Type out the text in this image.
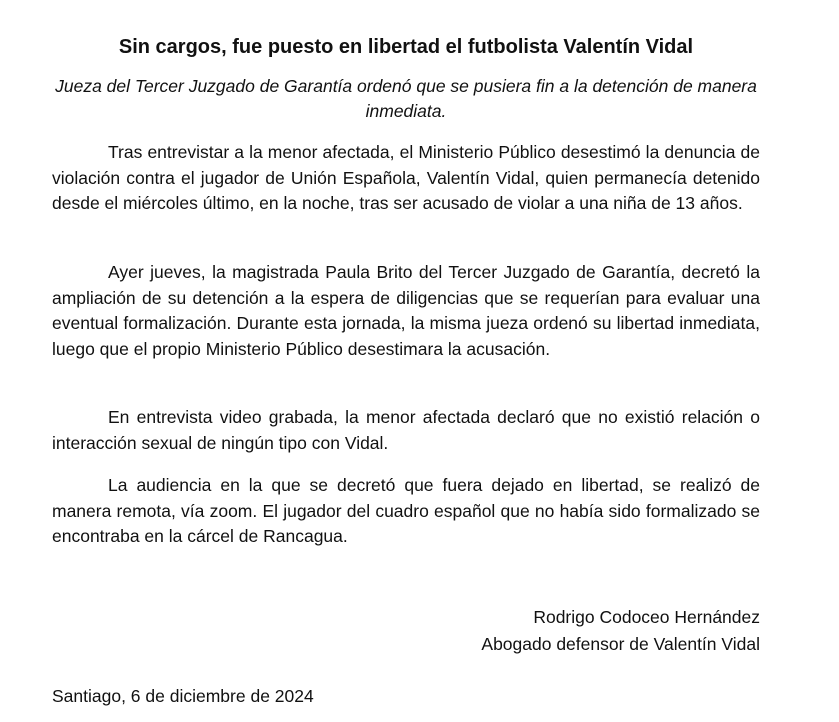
Sin cargos, fue puesto en libertad el futbolista Valentín Vidal

Jueza del Tercer Juzgado de Garantía ordenó que se pusiera fin a la detención de manera inmediata.

Tras entrevistar a la menor afectada, el Ministerio Público desestimó la denuncia de violación contra el jugador de Unión Española, Valentín Vidal, quien permanecía detenido desde el miércoles último, en la noche, tras ser acusado de violar a una niña de 13 años.

Ayer jueves, la magistrada Paula Brito del Tercer Juzgado de Garantía, decretó la ampliación de su detención a la espera de diligencias que se requerían para evaluar una eventual formalización. Durante esta jornada, la misma jueza ordenó su libertad inmediata, luego que el propio Ministerio Público desestimara la acusación.

En entrevista video grabada, la menor afectada declaró que no existió relación o interacción sexual de ningún tipo con Vidal.

La audiencia en la que se decretó que fuera dejado en libertad, se realizó de manera remota, vía zoom. El jugador del cuadro español que no había sido formalizado se encontraba en la cárcel de Rancagua.

Rodrigo Codoceo Hernández
Abogado defensor de Valentín Vidal

Santiago, 6 de diciembre de 2024
